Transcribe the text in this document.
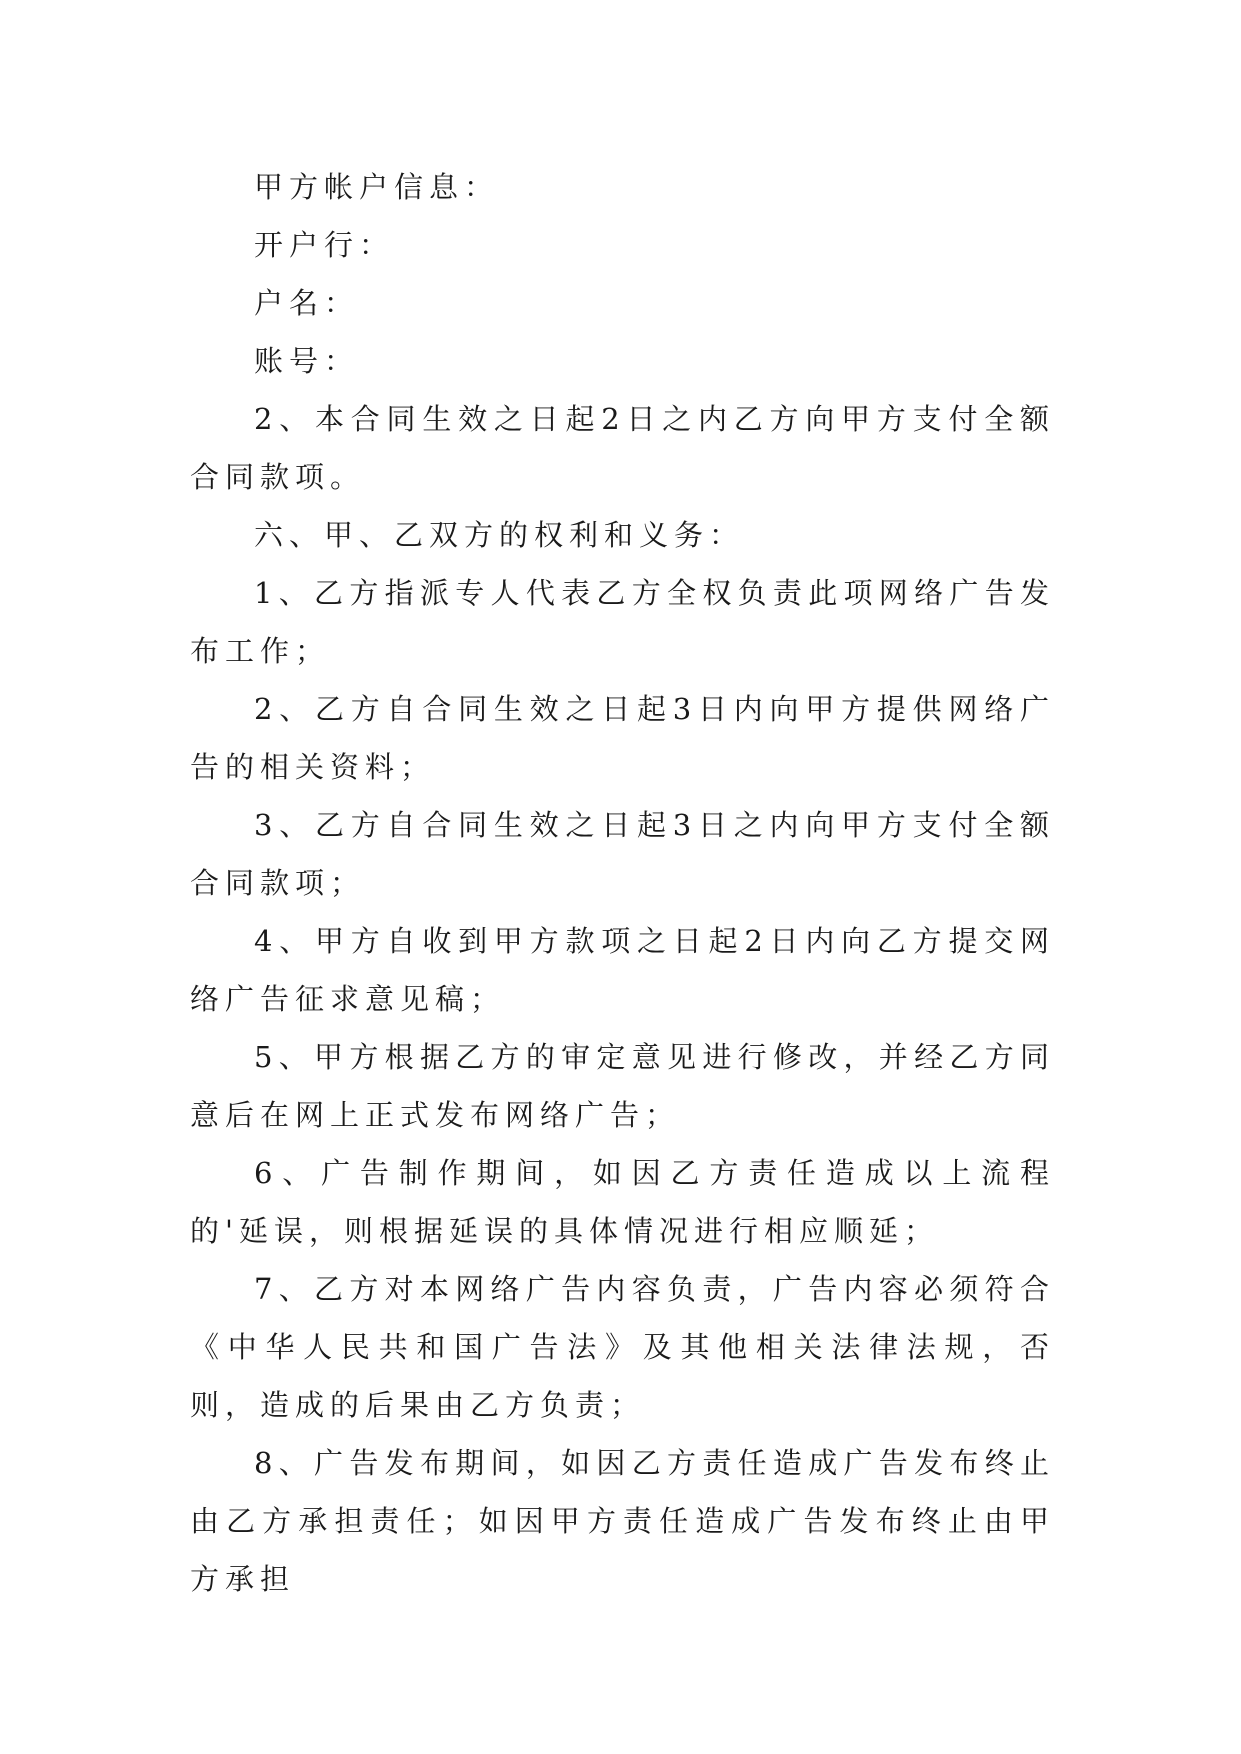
甲方帐户信息：

开户行：

户名：

账号：

2、本合同生效之日起2日之内乙方向甲方支付全额合同款项。

六、甲、乙双方的权利和义务：

1、乙方指派专人代表乙方全权负责此项网络广告发布工作；

2、乙方自合同生效之日起3日内向甲方提供网络广告的相关资料；

3、乙方自合同生效之日起3日之内向甲方支付全额合同款项；

4、甲方自收到甲方款项之日起2日内向乙方提交网络广告征求意见稿；

5、甲方根据乙方的审定意见进行修改，并经乙方同意后在网上正式发布网络广告；

6、广告制作期间，如因乙方责任造成以上流程的'延误，则根据延误的具体情况进行相应顺延；

7、乙方对本网络广告内容负责，广告内容必须符合《中华人民共和国广告法》及其他相关法律法规，否则，造成的后果由乙方负责；

8、广告发布期间，如因乙方责任造成广告发布终止由乙方承担责任；如因甲方责任造成广告发布终止由甲方承担
